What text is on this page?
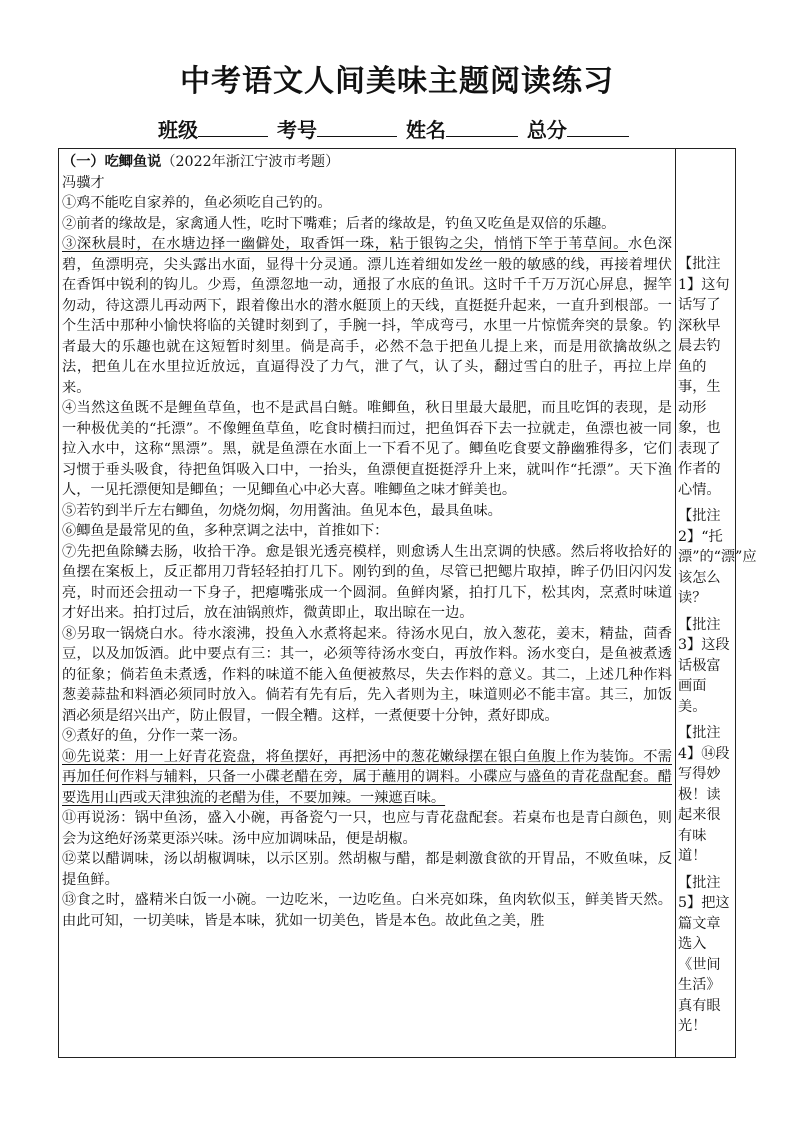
中考语文人间美味主题阅读练习
班级	考号	姓名	总分

（一）吃鲫鱼说（2022年浙江宁波市考题）

冯骥才

①鸡不能吃自家养的，鱼必须吃自己钓的。

②前者的缘故是，家禽通人性，吃时下嘴难；后者的缘故是，钓鱼又吃鱼是双倍的乐趣。

③深秋晨时，在水塘边择一幽僻处，取香饵一珠，粘于银钩之尖，悄悄下竿于苇草间。水色深碧，鱼漂明亮，尖头露出水面，显得十分灵通。漂儿连着细如发丝一般的敏感的线，再接着埋伏在香饵中锐利的钩儿。少焉，鱼漂忽地一动，通报了水底的鱼讯。这时千千万万沉心屏息，握竿勿动，待这漂儿再动两下，跟着像出水的潜水艇顶上的天线，直挺挺升起来，一直升到根部。一个生活中那种小愉快将临的关键时刻到了，手腕一抖，竿成弯弓，水里一片惊慌奔突的景象。钓者最大的乐趣也就在这短暂时刻里。倘是高手，必然不急于把鱼儿提上来，而是用欲擒故纵之法，把鱼儿在水里拉近放远，直逼得没了力气，泄了气，认了头，翻过雪白的肚子，再拉上岸来。

④当然这鱼既不是鲤鱼草鱼，也不是武昌白鲢。唯鲫鱼，秋日里最大最肥，而且吃饵的表现，是一种极优美的“托漂”。不像鲤鱼草鱼，吃食时横扫而过，把鱼饵吞下去一拉就走，鱼漂也被一同拉入水中，这称“黑漂”。黑，就是鱼漂在水面上一下看不见了。鲫鱼吃食要文静幽雅得多，它们习惯于垂头吸食，待把鱼饵吸入口中，一抬头，鱼漂便直挺挺浮升上来，就叫作“托漂”。天下渔人，一见托漂便知是鲫鱼；一见鲫鱼心中必大喜。唯鲫鱼之味才鲜美也。

⑤若钓到半斤左右鲫鱼，勿烧勿焖，勿用酱油。鱼见本色，最具鱼味。

⑥鲫鱼是最常见的鱼，多种烹调之法中，首推如下：

⑦先把鱼除鳞去肠，收拾干净。愈是银光透亮模样，则愈诱人生出烹调的快感。然后将收拾好的鱼摆在案板上，反正都用刀背轻轻拍打几下。刚钓到的鱼，尽管已把鳃片取掉，眸子仍旧闪闪发亮，时而还会扭动一下身子，把瘪嘴张成一个圆洞。鱼鲜肉紧，拍打几下，松其肉，烹煮时味道才好出来。拍打过后，放在油锅煎炸，微黄即止，取出晾在一边。

⑧另取一锅烧白水。待水滚沸，投鱼入水煮将起来。待汤水见白，放入葱花，姜末，精盐，茴香豆，以及加饭酒。此中要点有三：其一，必须等待汤水变白，再放作料。汤水变白，是鱼被煮透的征象；倘若鱼未煮透，作料的味道不能入鱼便被熬尽，失去作料的意义。其二，上述几种作料葱姜蒜盐和料酒必须同时放入。倘若有先有后，先入者则为主，味道则必不能丰富。其三，加饭酒必须是绍兴出产，防止假冒，一假全糟。这样，一煮便要十分钟，煮好即成。

⑨煮好的鱼，分作一菜一汤。

⑩先说菜：用一上好青花瓷盘，将鱼摆好，再把汤中的葱花嫩绿摆在银白鱼腹上作为装饰。不需再加任何作料与辅料，只备一小碟老醋在旁，属于蘸用的调料。小碟应与盛鱼的青花盘配套。醋要选用山西或天津独流的老醋为佳，不要加辣。一辣遮百味。

⑪再说汤：锅中鱼汤，盛入小碗，再备瓷勺一只，也应与青花盘配套。若桌布也是青白颜色，则会为这绝好汤菜更添兴味。汤中应加调味品，便是胡椒。

⑫菜以醋调味，汤以胡椒调味，以示区别。然胡椒与醋，都是刺激食欲的开胃品，不败鱼味，反提鱼鲜。

⑬食之时，盛精米白饭一小碗。一边吃米，一边吃鱼。白米亮如珠，鱼肉软似玉，鲜美皆天然。由此可知，一切美味，皆是本味，犹如一切美色，皆是本色。故此鱼之美，胜

【批注1】这句话写了深秋早晨去钓鱼的事，生动形象，也表现了作者的心情。

【批注2】“托漂”的“漂”应该怎么读？

【批注3】这段话极富画面美。

【批注4】⑭段写得妙极！读起来很有味道！

【批注5】把这篇文章选入《世间生活》真有眼光！
